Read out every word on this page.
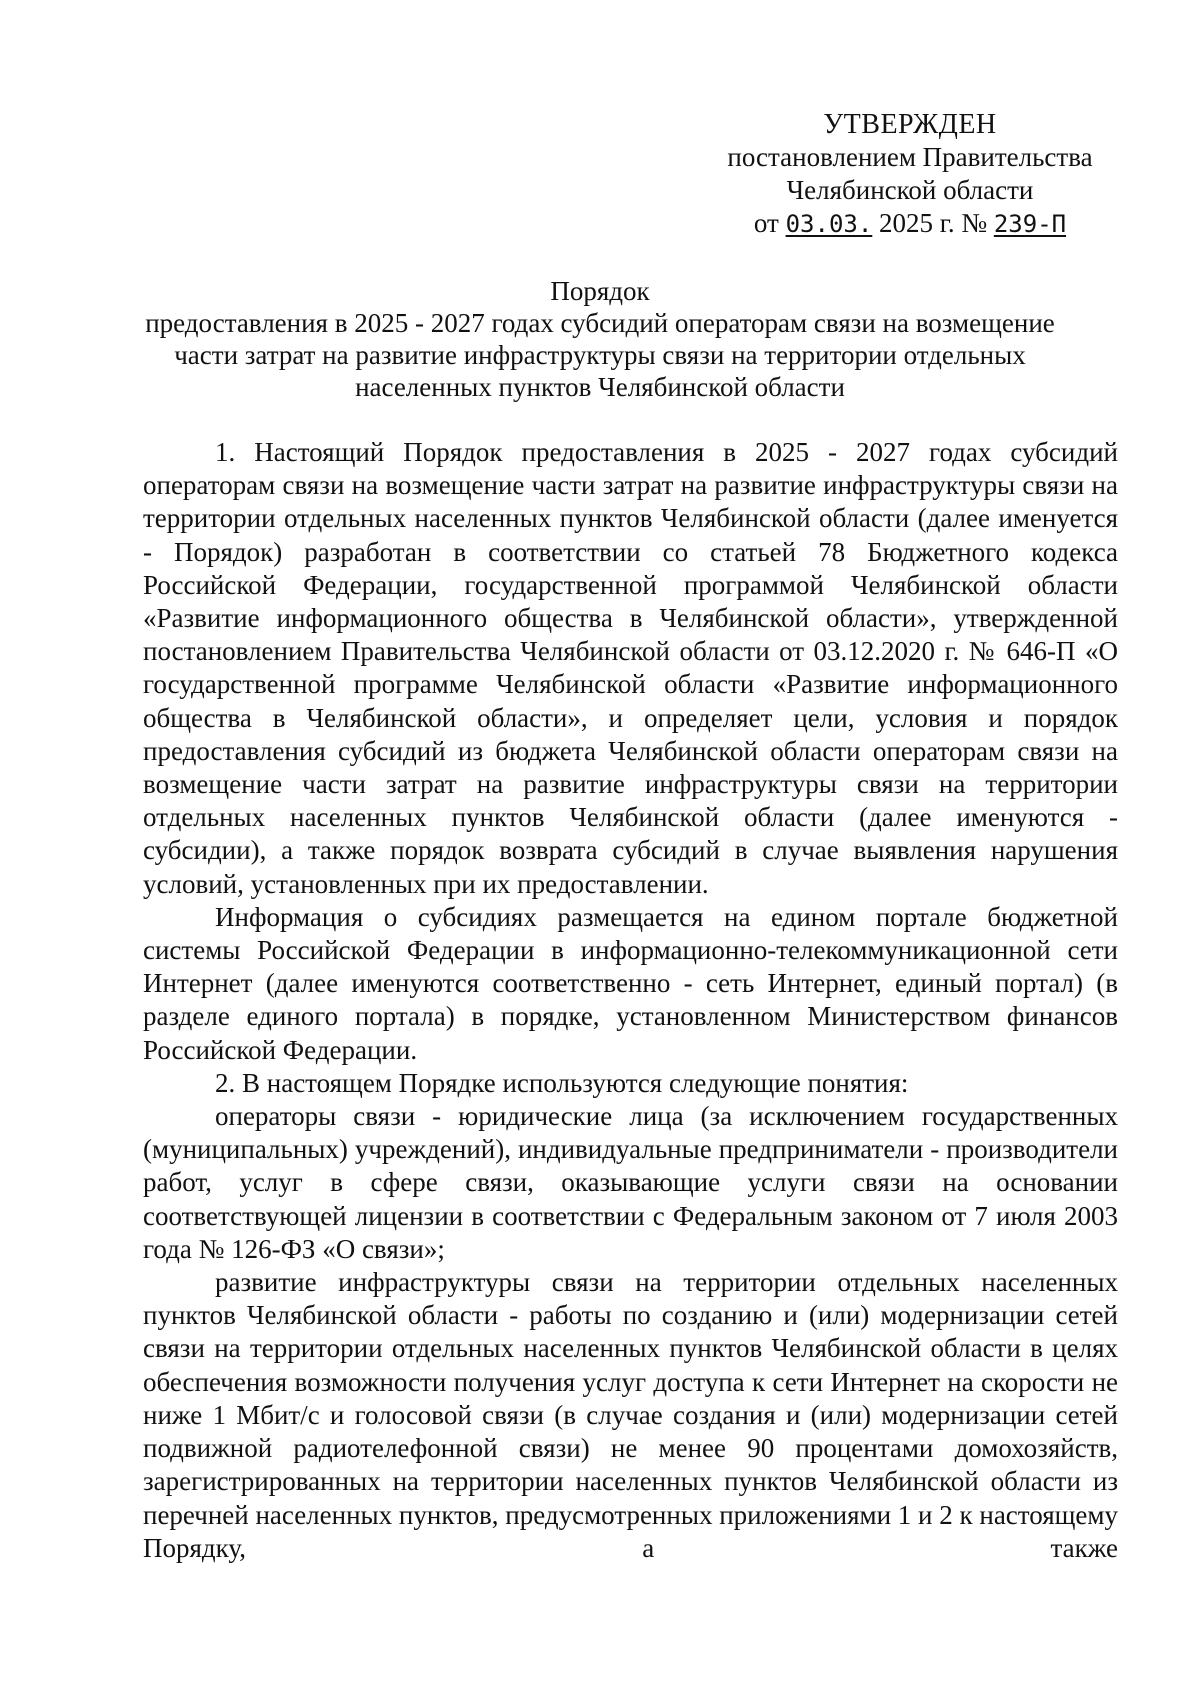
УТВЕРЖДЕН
постановлением Правительства
Челябинской области
от 03.03. 2025 г. № 239-П
Порядок
предоставления в 2025 - 2027 годах субсидий операторам связи на возмещение
части затрат на развитие инфраструктуры связи на территории отдельных
населенных пунктов Челябинской области

1. Настоящий Порядок предоставления в 2025 - 2027 годах субсидий операторам связи на возмещение части затрат на развитие инфраструктуры связи на территории отдельных населенных пунктов Челябинской области (далее именуется - Порядок) разработан в соответствии со статьей 78 Бюджетного кодекса Российской Федерации, государственной программой Челябинской области «Развитие информационного общества в Челябинской области», утвержденной постановлением Правительства Челябинской области от 03.12.2020 г. № 646-П «О государственной программе Челябинской области «Развитие информационного общества в Челябинской области», и определяет цели, условия и порядок предоставления субсидий из бюджета Челябинской области операторам связи на возмещение части затрат на развитие инфраструктуры связи на территории отдельных населенных пунктов Челябинской области (далее именуются - субсидии), а также порядок возврата субсидий в случае выявления нарушения условий, установленных при их предоставлении.

Информация о субсидиях размещается на едином портале бюджетной системы Российской Федерации в информационно-телекоммуникационной сети Интернет (далее именуются соответственно - сеть Интернет, единый портал) (в разделе единого портала) в порядке, установленном Министерством финансов Российской Федерации.

2. В настоящем Порядке используются следующие понятия:

операторы связи - юридические лица (за исключением государственных (муниципальных) учреждений), индивидуальные предприниматели - производители работ, услуг в сфере связи, оказывающие услуги связи на основании соответствующей лицензии в соответствии с Федеральным законом от 7 июля 2003 года № 126-ФЗ «О связи»;

развитие инфраструктуры связи на территории отдельных населенных пунктов Челябинской области - работы по созданию и (или) модернизации сетей связи на территории отдельных населенных пунктов Челябинской области в целях обеспечения возможности получения услуг доступа к сети Интернет на скорости не ниже 1 Мбит/с и голосовой связи (в случае создания и (или) модернизации сетей подвижной радиотелефонной связи) не менее 90 процентами домохозяйств, зарегистрированных на территории населенных пунктов Челябинской области из перечней населенных пунктов, предусмотренных приложениями 1 и 2 к настоящему Порядку, а также
